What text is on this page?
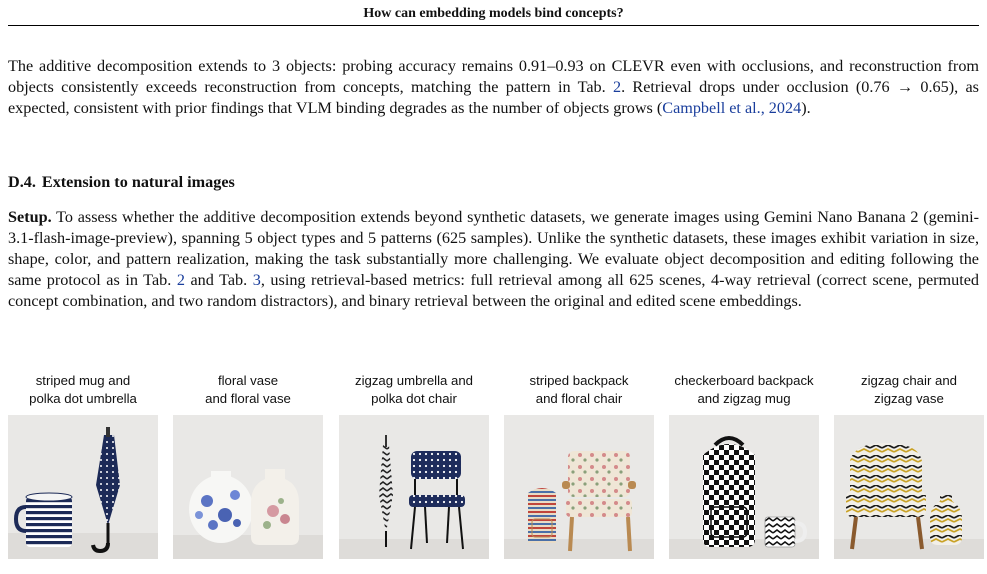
How can embedding models bind concepts?

The additive decomposition extends to 3 objects: probing accuracy remains 0.91–0.93 on CLEVR even with occlusions, and reconstruction from objects consistently exceeds reconstruction from concepts, matching the pattern in Tab. 2. Retrieval drops under occlusion (0.76 → 0.65), as expected, consistent with prior findings that VLM binding degrades as the number of objects grows (Campbell et al., 2024).

D.4. Extension to natural images

Setup. To assess whether the additive decomposition extends beyond synthetic datasets, we generate images using Gemini Nano Banana 2 (gemini-3.1-flash-image-preview), spanning 5 object types and 5 patterns (625 samples). Unlike the synthetic datasets, these images exhibit variation in size, shape, color, and pattern realization, making the task substantially more challenging. We evaluate object decomposition and editing following the same protocol as in Tab. 2 and Tab. 3, using retrieval-based metrics: full retrieval among all 625 scenes, 4-way retrieval (correct scene, permuted concept combination, and two random distractors), and binary retrieval between the original and edited scene embeddings.

striped mug and
polka dot umbrella
floral vase
and floral vase
zigzag umbrella and
polka dot chair
striped backpack
and floral chair
checkerboard backpack
and zigzag mug
zigzag chair and
zigzag vase
